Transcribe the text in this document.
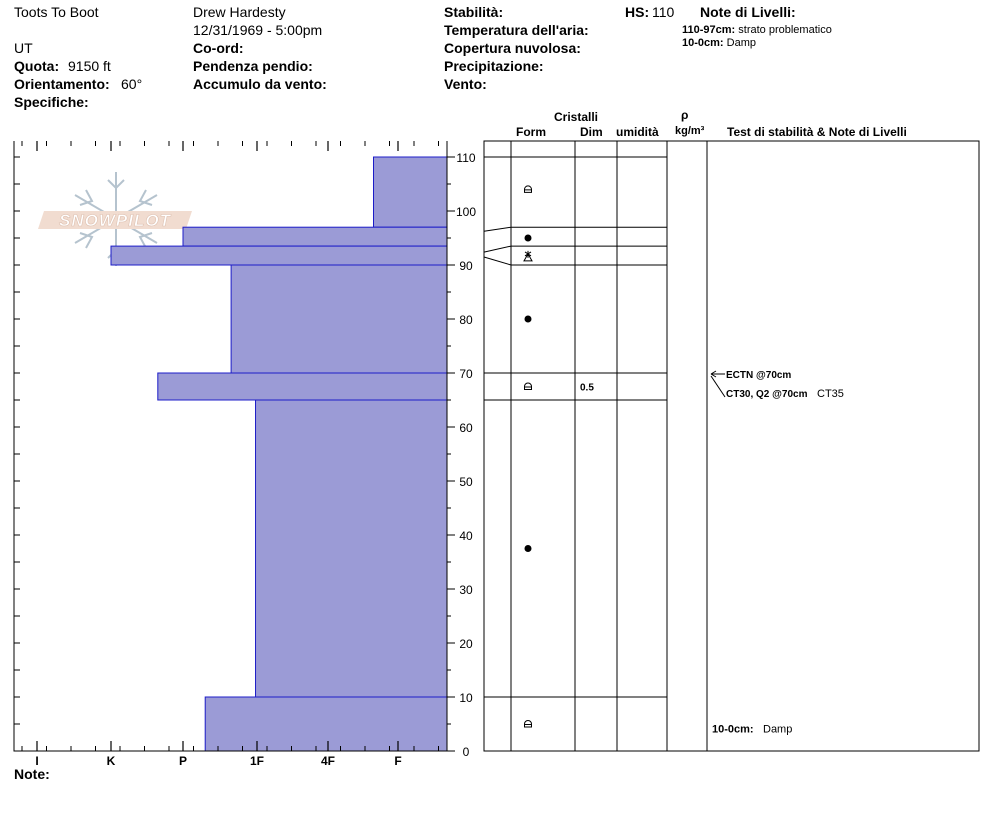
Toots To Boot	Drew Hardesty
12/31/1969 - 5:00pm
UT
Quota: 9150 ft
Orientamento: 60°
Specifiche:
Co-ord:
Pendenza pendio:
Accumulo da vento:
Stabilità:
Temperatura dell'aria:
Copertura nuvolosa:
Precipitazione:
Vento:
HS: 110 Note di Livelli:
110-97cm: strato problematico
10-0cm: Damp
Cristalli
Form	Dim umidità
ρ
kg/m³ Test di stabilità & Note di Livelli
SNOWPILOT
I	K	P	1F	4F	F
0
10
20
30
40
50
60
70
80
90
100
110
0.5
ECTN @70cm
CT30, Q2 @70cm CT35
10-0cm: Damp
Note:
